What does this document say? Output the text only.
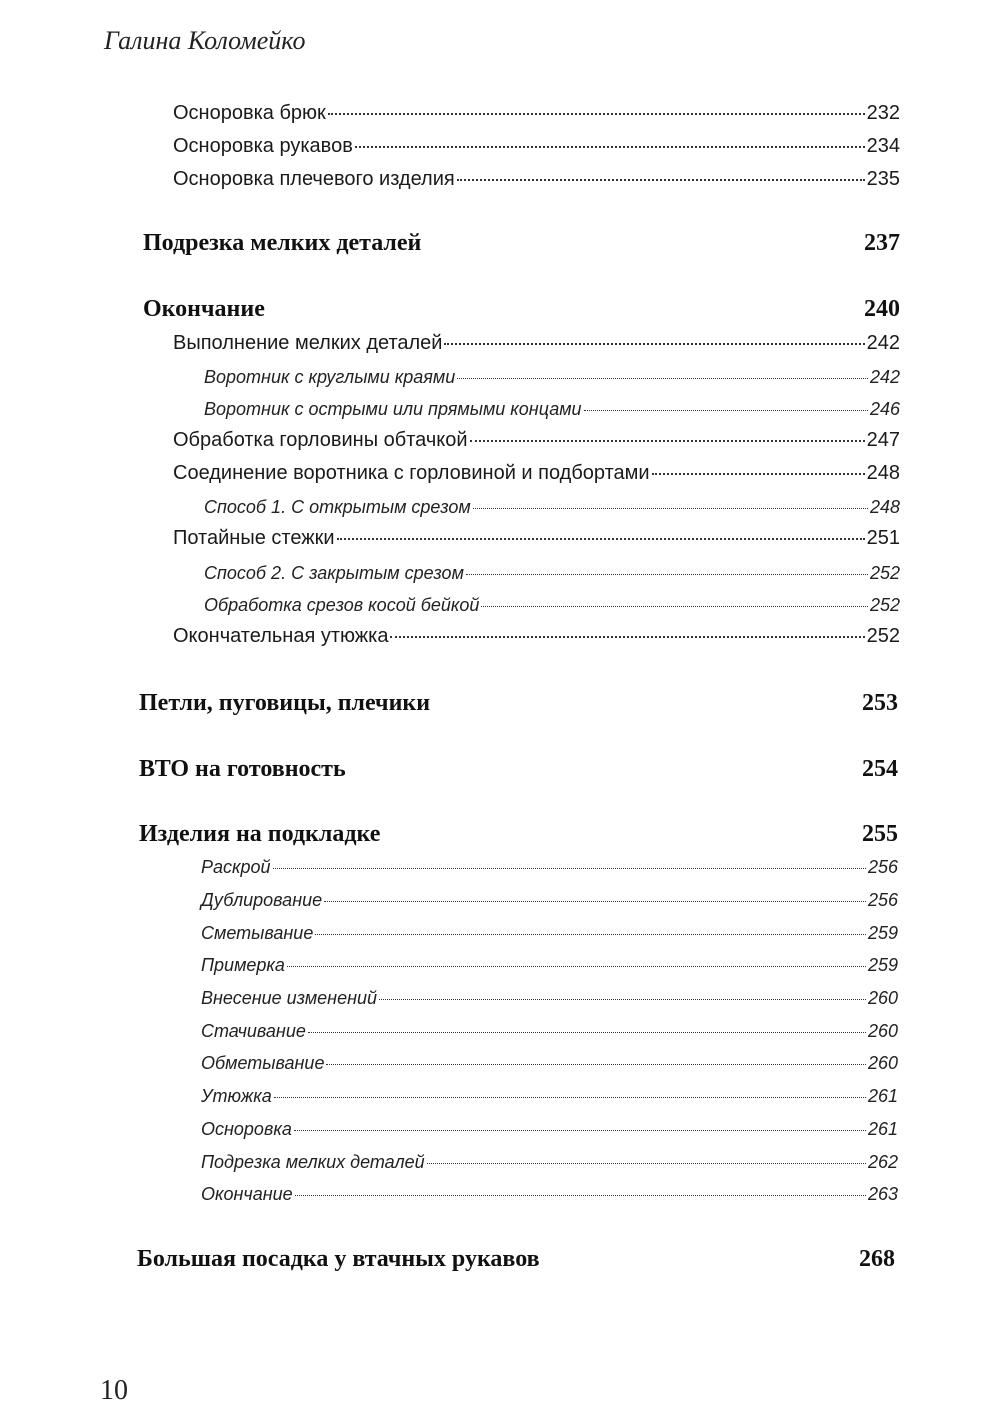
Галина Коломейко
Осноровка брюк	232
Осноровка рукавов	234
Осноровка плечевого изделия	235
Подрезка мелких деталей	237
Окончание	240
Выполнение мелких деталей	242
Воротник с круглыми краями	242
Воротник с острыми или прямыми концами	246
Обработка горловины обтачкой	247
Соединение воротника с горловиной и подбортами	248
Способ 1. С открытым срезом	248
Потайные стежки	251
Способ 2. С закрытым срезом	252
Обработка срезов косой бейкой	252
Окончательная утюжка	252
Петли, пуговицы, плечики	253
ВТО на готовность	254
Изделия на подкладке	255
Раскрой	256
Дублирование	256
Сметывание	259
Примерка	259
Внесение изменений	260
Стачивание	260
Обметывание	260
Утюжка	261
Осноровка	261
Подрезка мелких деталей	262
Окончание	263
Большая посадка у втачных рукавов	268
10
